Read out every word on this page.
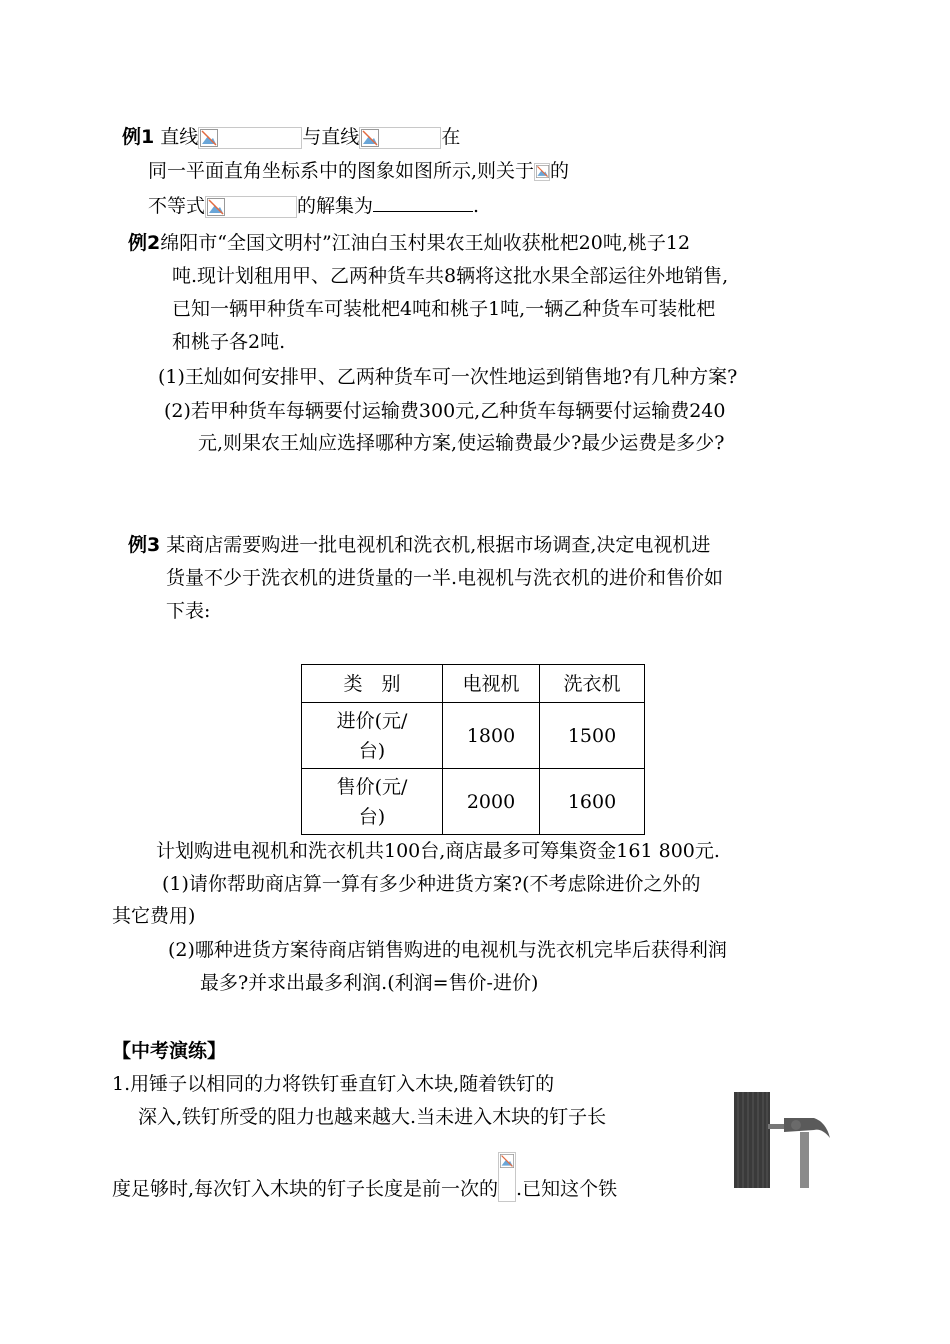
例1 直线	与直线	在
同一平面直角坐标系中的图象如图所示,则关于 的
不等式	的解集为	.
例2绵阳市“全国文明村”江油白玉村果农王灿收获枇杷20吨,桃子12
吨.现计划租用甲、乙两种货车共8辆将这批水果全部运往外地销售,
已知一辆甲种货车可装枇杷4吨和桃子1吨,一辆乙种货车可装枇杷
和桃子各2吨.
(1)王灿如何安排甲、乙两种货车可一次性地运到销售地?有几种方案?
(2)若甲种货车每辆要付运输费300元,乙种货车每辆要付运输费240
元,则果农王灿应选择哪种方案,使运输费最少?最少运费是多少?
例3 某商店需要购进一批电视机和洗衣机,根据市场调查,决定电视机进
货量不少于洗衣机的进货量的一半.电视机与洗衣机的进价和售价如
下表:
类　别	电视机	洗衣机

进价(元/
台)	1800	1500

售价(元/
台)	2000	1600
计划购进电视机和洗衣机共100台,商店最多可筹集资金161 800元.
(1)请你帮助商店算一算有多少种进货方案?(不考虑除进价之外的
其它费用)
(2)哪种进货方案待商店销售购进的电视机与洗衣机完毕后获得利润
最多?并求出最多利润.(利润=售价-进价)
【中考演练】
1.用锤子以相同的力将铁钉垂直钉入木块,随着铁钉的
深入,铁钉所受的阻力也越来越大.当未进入木块的钉子长
度足够时,每次钉入木块的钉子长度是前一次的 .已知这个铁
